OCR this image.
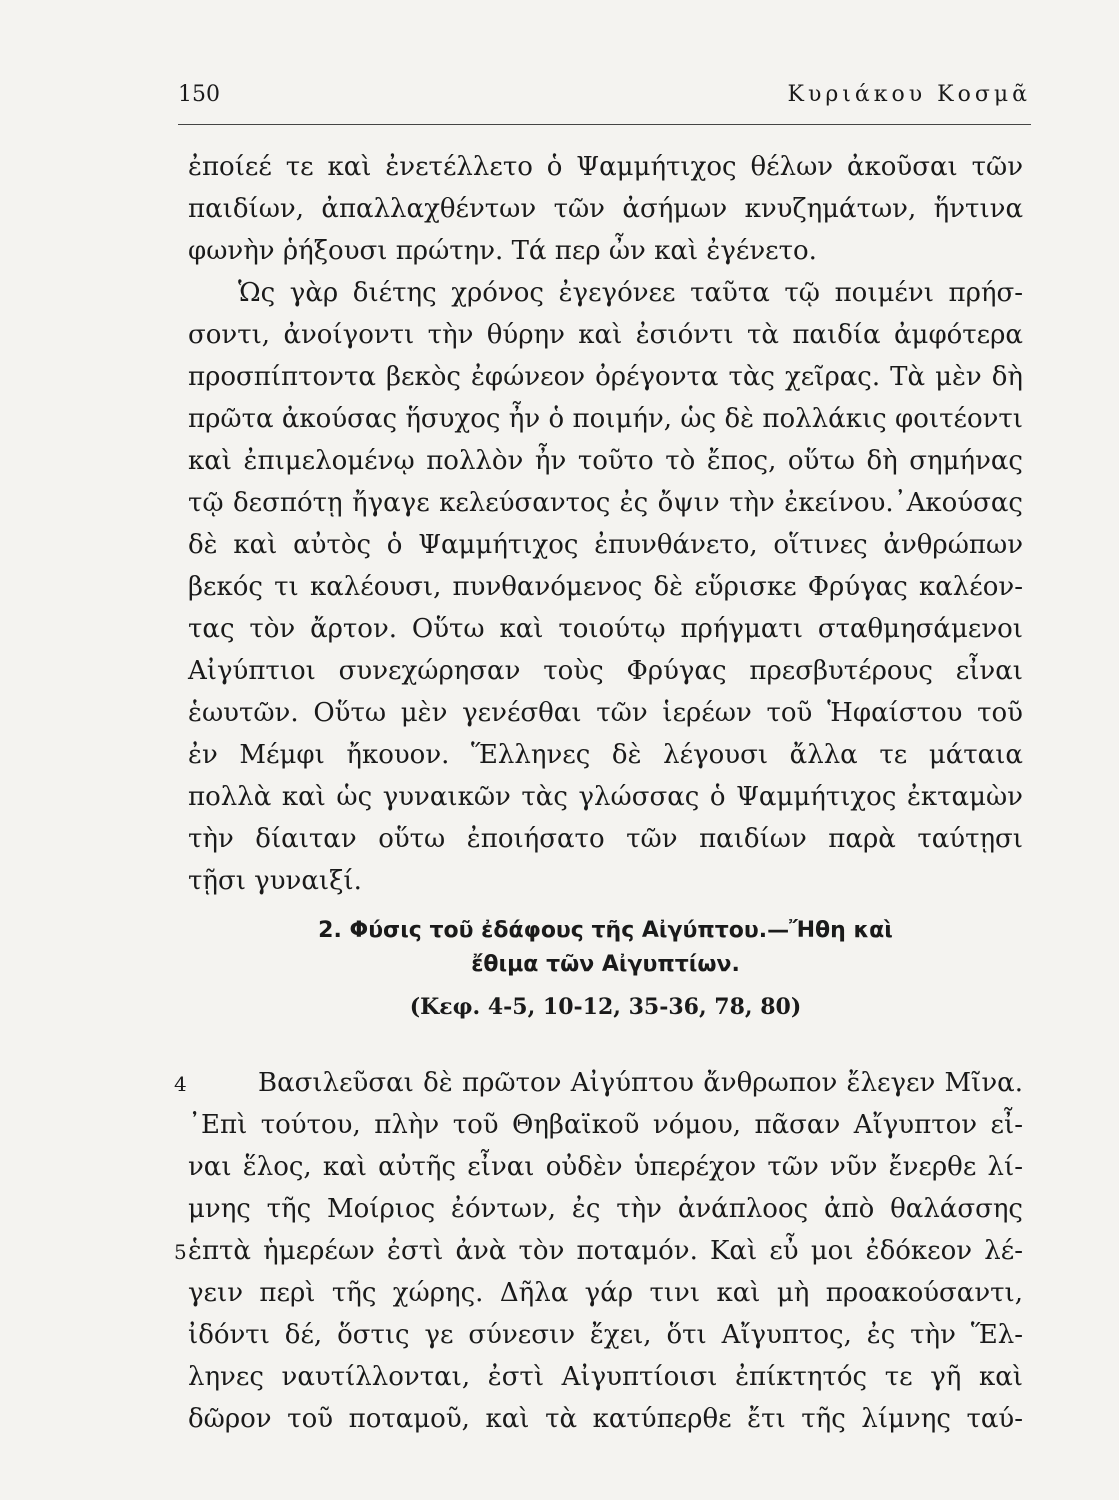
150	Κυριάκου Κοσμᾶ
ἐποίεέ τε καὶ ἐνετέλλετο ὁ Ψαμμήτιχος θέλων ἀκοῦσαι τῶν
παιδίων, ἀπαλλαχθέντων τῶν ἀσήμων κνυζημάτων, ἥντινα
φωνὴν ῥήξουσι πρώτην. Τά περ ὦν καὶ ἐγένετο.
Ὡς γὰρ διέτης χρόνος ἐγεγόνεε ταῦτα τῷ ποιμένι πρήσ-
σοντι, ἀνοίγοντι τὴν θύρην καὶ ἐσιόντι τὰ παιδία ἀμφότερα
προσπίπτοντα βεκὸς ἐφώνεον ὀρέγοντα τὰς χεῖρας. Τὰ μὲν δὴ
πρῶτα ἀκούσας ἥσυχος ἦν ὁ ποιμήν, ὡς δὲ πολλάκις φοιτέοντι
καὶ ἐπιμελομένῳ πολλὸν ἦν τοῦτο τὸ ἔπος, οὕτω δὴ σημήνας
τῷ δεσπότῃ ἤγαγε κελεύσαντος ἐς ὄψιν τὴν ἐκείνου.᾿Ακούσας
δὲ καὶ αὐτὸς ὁ Ψαμμήτιχος ἐπυνθάνετο, οἵτινες ἀνθρώπων
βεκός τι καλέουσι, πυνθανόμενος δὲ εὕρισκε Φρύγας καλέον-
τας τὸν ἄρτον. Οὕτω καὶ τοιούτῳ πρήγματι σταθμησάμενοι
Αἰγύπτιοι συνεχώρησαν τοὺς Φρύγας πρεσβυτέρους εἶναι
ἑωυτῶν. Οὕτω μὲν γενέσθαι τῶν ἱερέων τοῦ Ἡφαίστου τοῦ
ἐν Μέμφι ἤκουον. Ἕλληνες δὲ λέγουσι ἄλλα τε μάταια
πολλὰ καὶ ὡς γυναικῶν τὰς γλώσσας ὁ Ψαμμήτιχος ἐκταμὼν
τὴν δίαιταν οὕτω ἐποιήσατο τῶν παιδίων παρὰ ταύτῃσι
τῇσι γυναιξί.
2. Φύσις τοῦ ἐδάφους τῆς Αἰγύπτου.—Ἤθη καὶ
ἔθιμα τῶν Αἰγυπτίων.
(Κεφ. 4-5, 10-12, 35-36, 78, 80)
4	Βασιλεῦσαι δὲ πρῶτον Αἰγύπτου ἄνθρωπον ἔλεγεν Μῖνα.
᾿Επὶ τούτου, πλὴν τοῦ Θηβαϊκοῦ νόμου, πᾶσαν Αἴγυπτον εἶ-
ναι ἕλος, καὶ αὐτῆς εἶναι οὐδὲν ὑπερέχον τῶν νῦν ἔνερθε λί-
μνης τῆς Μοίριος ἐόντων, ἐς τὴν ἀνάπλοος ἀπὸ θαλάσσης
5 ἑπτὰ ἡμερέων ἐστὶ ἀνὰ τὸν ποταμόν. Καὶ εὖ μοι ἐδόκεον λέ-
γειν περὶ τῆς χώρης. Δῆλα γάρ τινι καὶ μὴ προακούσαντι,
ἰδόντι δέ, ὅστις γε σύνεσιν ἔχει, ὅτι Αἴγυπτος, ἐς τὴν Ἕλ-
ληνες ναυτίλλονται, ἐστὶ Αἰγυπτίοισι ἐπίκτητός τε γῆ καὶ
δῶρον τοῦ ποταμοῦ, καὶ τὰ κατύπερθε ἔτι τῆς λίμνης ταύ-
